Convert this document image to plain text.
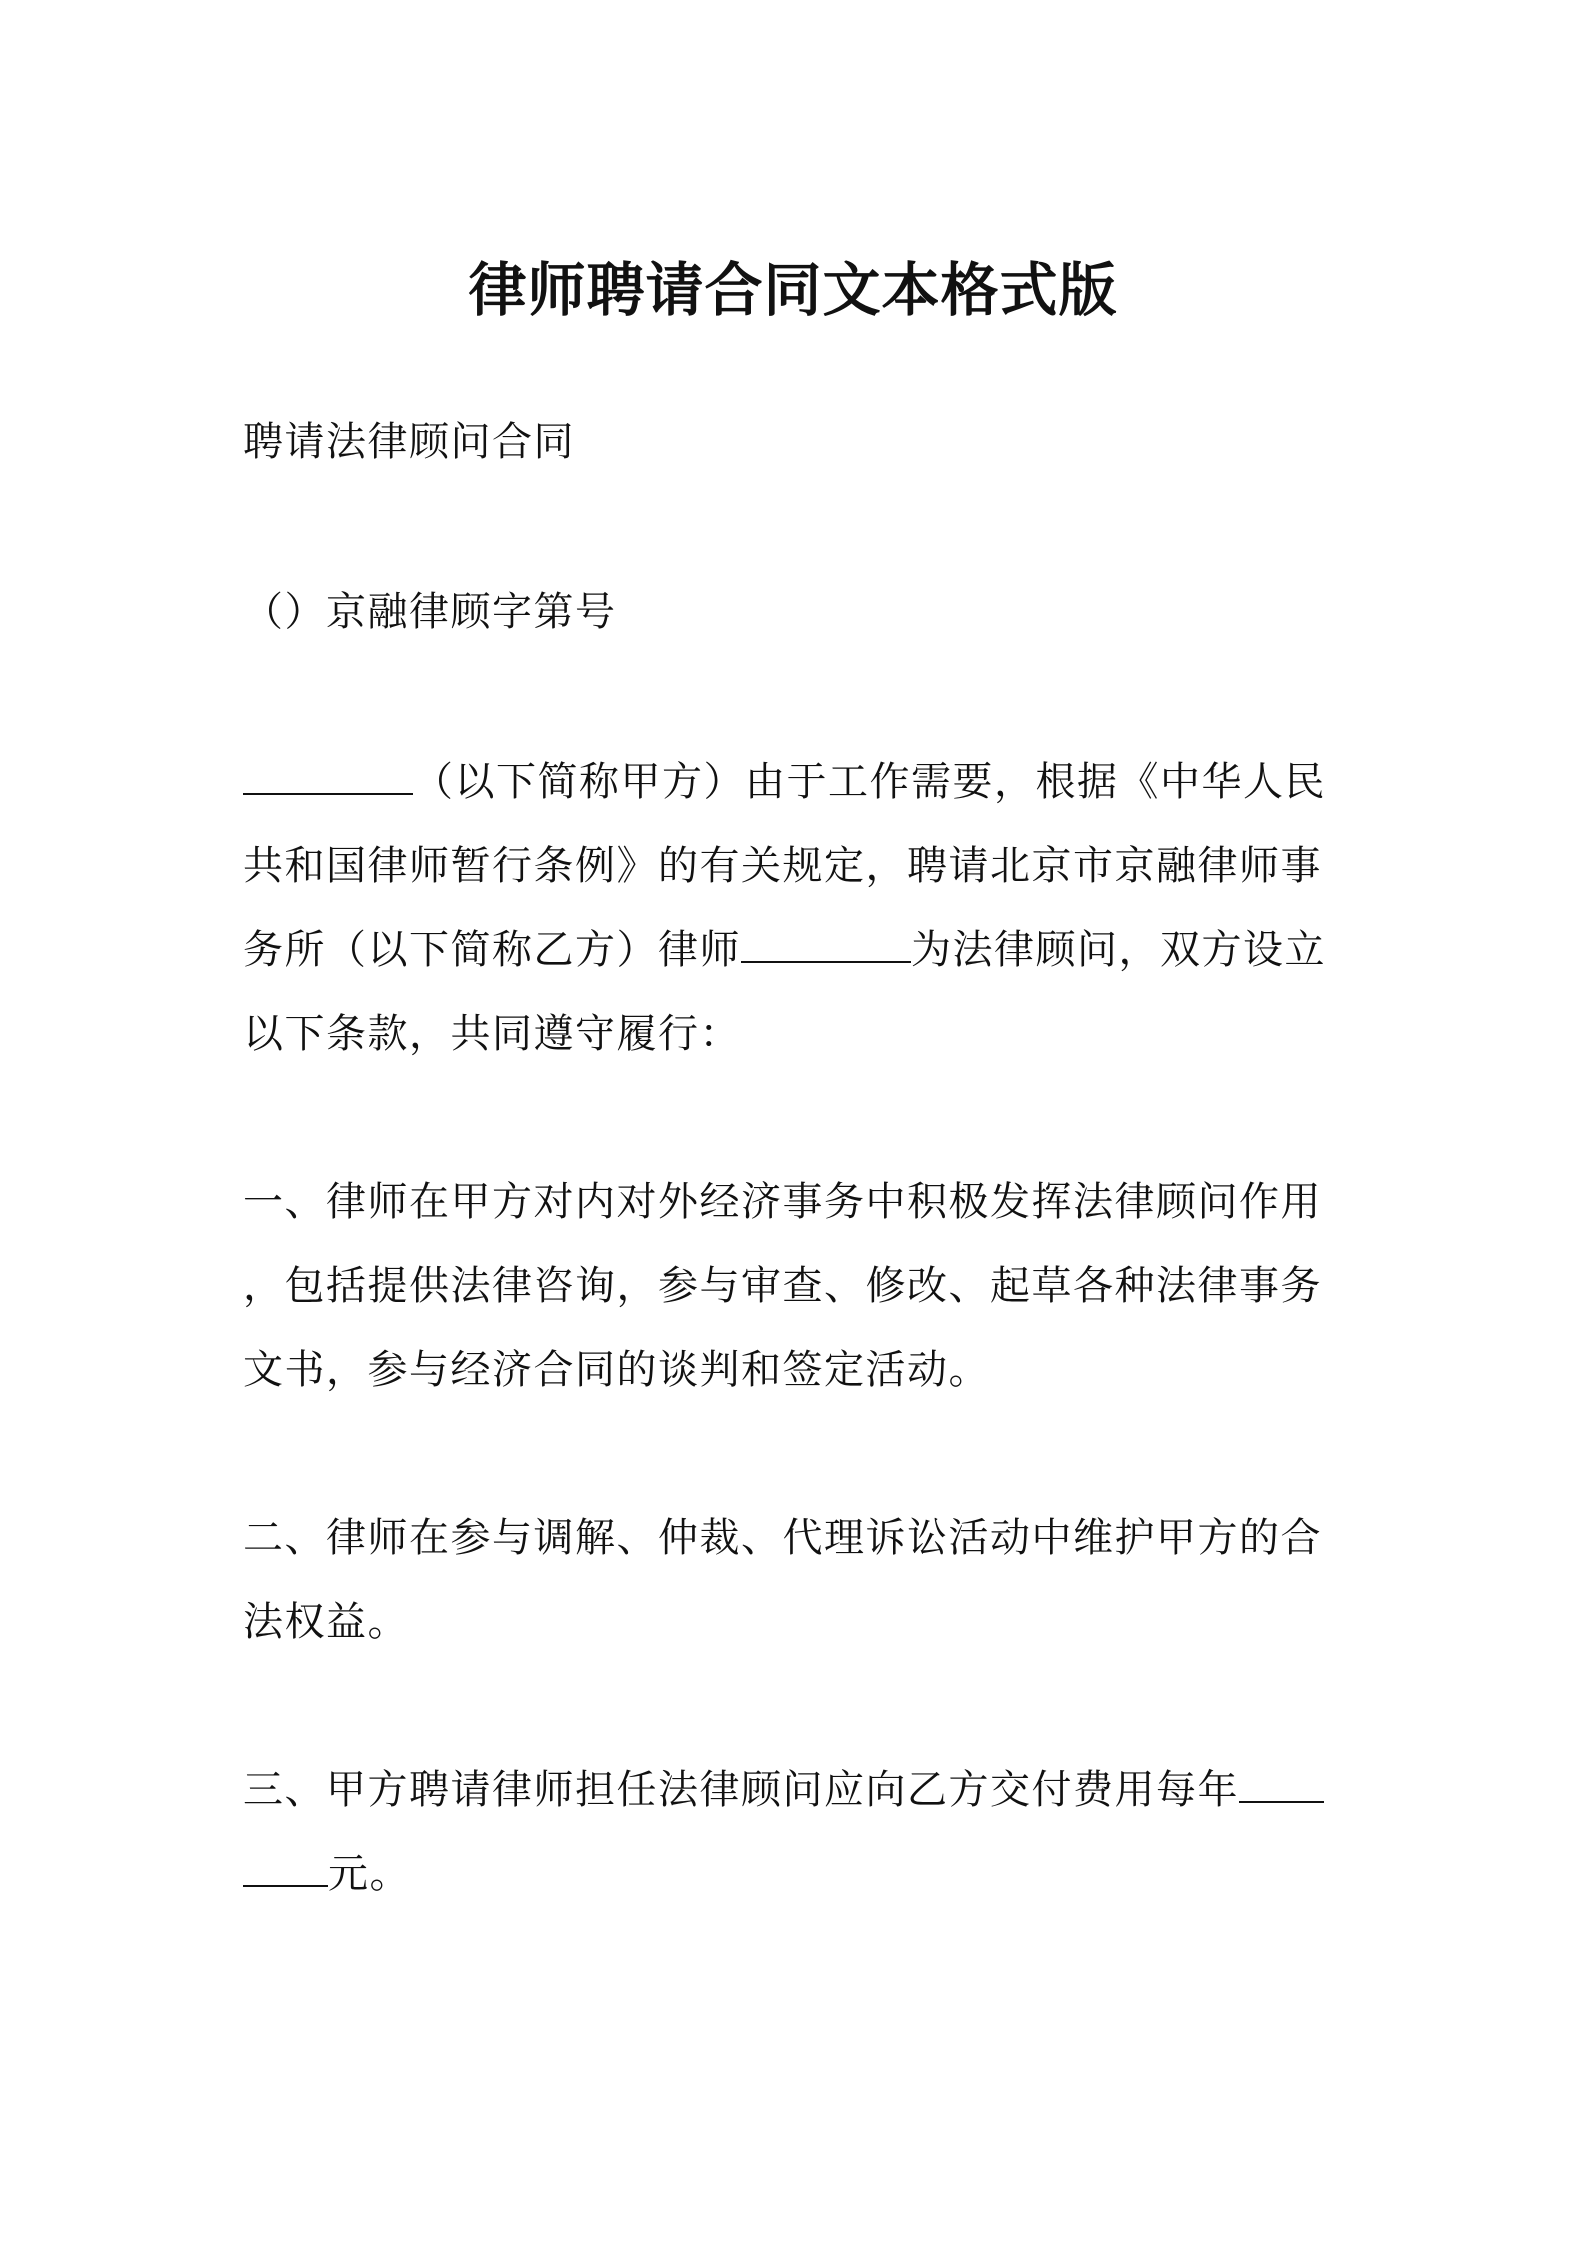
律师聘请合同文本格式版
聘请法律顾问合同
（）京融律顾字第号
（以下简称甲方）由于工作需要，根据《中华人民
共和国律师暂行条例》的有关规定，聘请北京市京融律师事
务所（以下简称乙方）律师	为法律顾问，双方设立
以下条款，共同遵守履行：
一、律师在甲方对内对外经济事务中积极发挥法律顾问作用
，包括提供法律咨询，参与审查、修改、起草各种法律事务
文书，参与经济合同的谈判和签定活动。
二、律师在参与调解、仲裁、代理诉讼活动中维护甲方的合
法权益。
三、甲方聘请律师担任法律顾问应向乙方交付费用每年
元。
